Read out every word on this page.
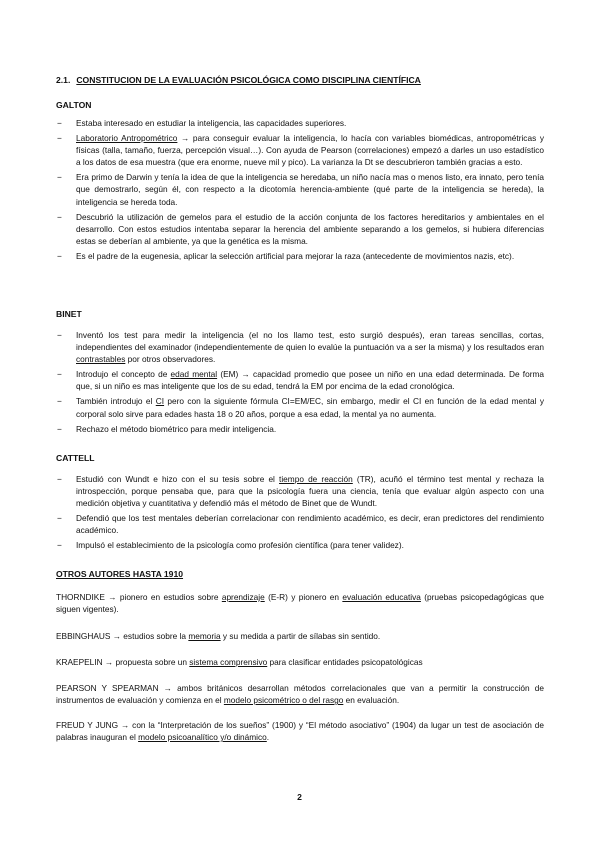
2.1. CONSTITUCION DE LA EVALUACIÓN PSICOLÓGICA COMO DISCIPLINA CIENTÍFICA
GALTON
− Estaba interesado en estudiar la inteligencia, las capacidades superiores.
− Laboratorio Antropométrico → para conseguir evaluar la inteligencia, lo hacía con variables biomédicas, antropométricas y físicas (talla, tamaño, fuerza, percepción visual…). Con ayuda de Pearson (correlaciones) empezó a darles un uso estadístico a los datos de esa muestra (que era enorme, nueve mil y pico). La varianza la Dt se descubrieron también gracias a esto.
− Era primo de Darwin y tenía la idea de que la inteligencia se heredaba, un niño nacía mas o menos listo, era innato, pero tenía que demostrarlo, según él, con respecto a la dicotomía herencia-ambiente (qué parte de la inteligencia se hereda), la inteligencia se hereda toda.
− Descubrió la utilización de gemelos para el estudio de la acción conjunta de los factores hereditarios y ambientales en el desarrollo. Con estos estudios intentaba separar la herencia del ambiente separando a los gemelos, si hubiera diferencias estas se deberían al ambiente, ya que la genética es la misma.
− Es el padre de la eugenesia, aplicar la selección artificial para mejorar la raza (antecedente de movimientos nazis, etc).
BINET
− Inventó los test para medir la inteligencia (el no los llamo test, esto surgió después), eran tareas sencillas, cortas, independientes del examinador (independientemente de quien lo evalúe la puntuación va a ser la misma) y los resultados eran contrastables por otros observadores.
− Introdujo el concepto de edad mental (EM) → capacidad promedio que posee un niño en una edad determinada. De forma que, si un niño es mas inteligente que los de su edad, tendrá la EM por encima de la edad cronológica.
− También introdujo el CI pero con la siguiente fórmula CI=EM/EC, sin embargo, medir el CI en función de la edad mental y corporal solo sirve para edades hasta 18 o 20 años, porque a esa edad, la mental ya no aumenta.
− Rechazo el método biométrico para medir inteligencia.
CATTELL
− Estudió con Wundt e hizo con el su tesis sobre el tiempo de reacción (TR), acuñó el término test mental y rechaza la introspección, porque pensaba que, para que la psicología fuera una ciencia, tenía que evaluar algún aspecto con una medición objetiva y cuantitativa y defendió más el método de Binet que de Wundt.
− Defendió que los test mentales deberían correlacionar con rendimiento académico, es decir, eran predictores del rendimiento académico.
− Impulsó el establecimiento de la psicología como profesión científica (para tener validez).
OTROS AUTORES HASTA 1910
THORNDIKE → pionero en estudios sobre aprendizaje (E-R) y pionero en evaluación educativa (pruebas psicopedagógicas que siguen vigentes).
EBBINGHAUS → estudios sobre la memoria y su medida a partir de sílabas sin sentido.
KRAEPELIN → propuesta sobre un sistema comprensivo para clasificar entidades psicopatológicas
PEARSON Y SPEARMAN → ambos británicos desarrollan métodos correlacionales que van a permitir la construcción de instrumentos de evaluación y comienza en el modelo psicométrico o del rasgo en evaluación.
FREUD Y JUNG → con la “Interpretación de los sueños” (1900) y “El método asociativo” (1904) da lugar un test de asociación de palabras inauguran el modelo psicoanalítico y/o dinámico.
2
